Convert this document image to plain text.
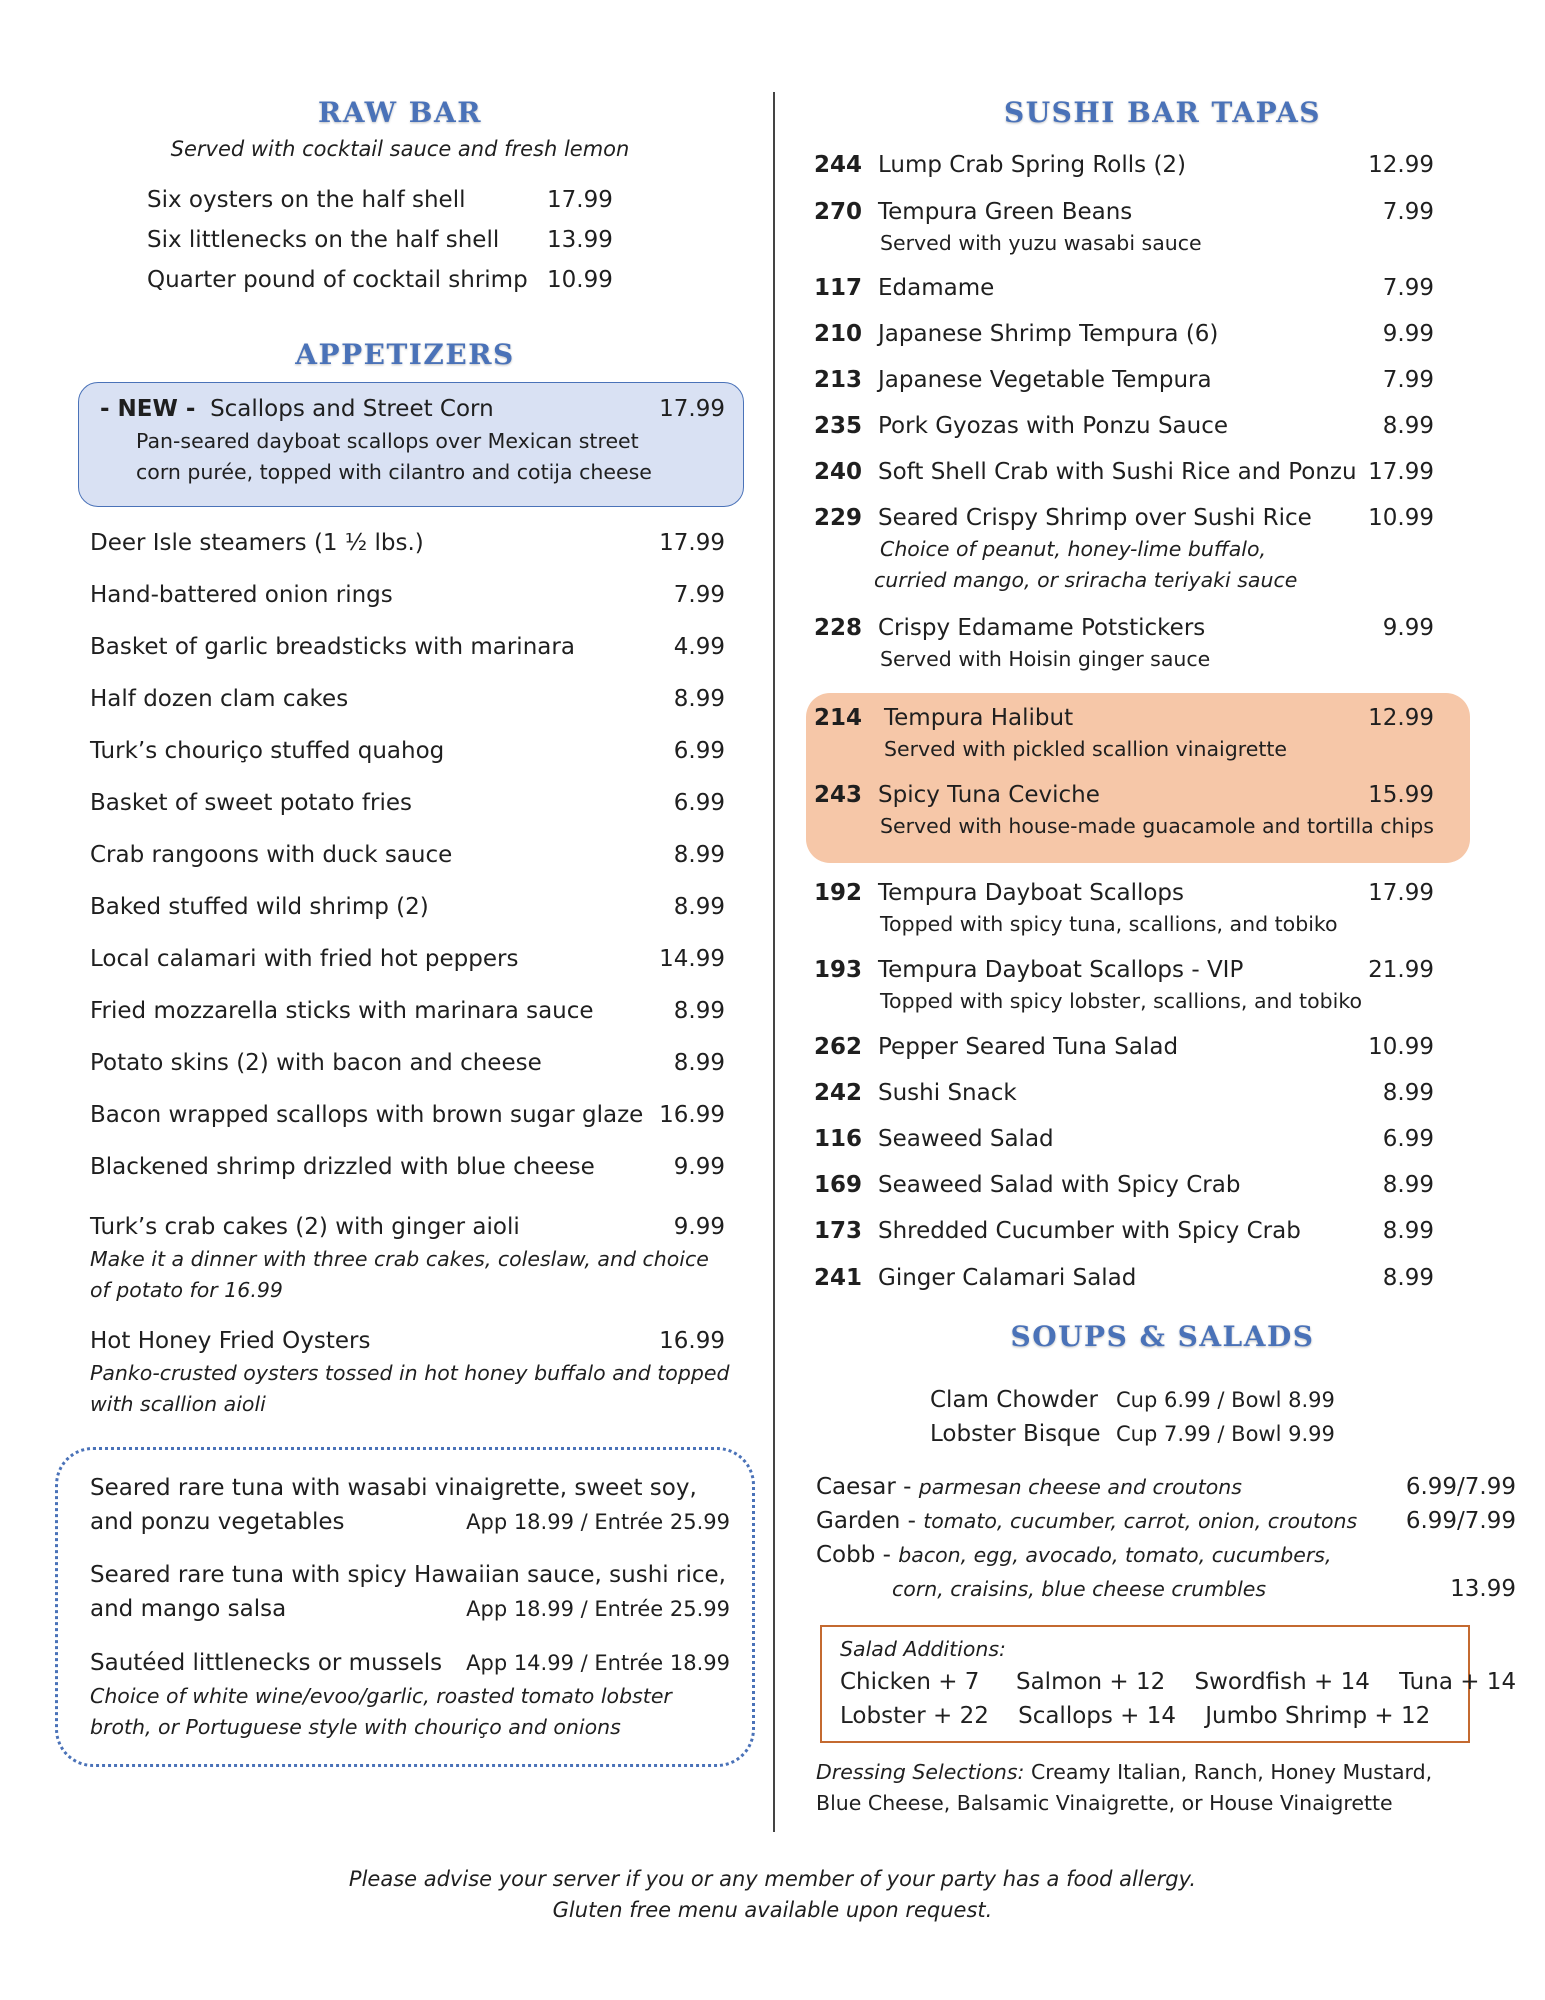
RAW BAR
Served with cocktail sauce and fresh lemon
Six oysters on the half shell	17.99
Six littlenecks on the half shell 13.99
Quarter pound of cocktail shrimp 10.99
APPETIZERS
- NEW - Scallops and Street Corn	17.99
Pan-seared dayboat scallops over Mexican street
corn purée, topped with cilantro and cotija cheese
Deer Isle steamers (1 ½ lbs.)	17.99
Hand-battered onion rings	7.99
Basket of garlic breadsticks with marinara	4.99
Half dozen clam cakes	8.99
Turk’s chouriço stuffed quahog	6.99
Basket of sweet potato fries	6.99
Crab rangoons with duck sauce	8.99
Baked stuffed wild shrimp (2)	8.99
Local calamari with fried hot peppers	14.99
Fried mozzarella sticks with marinara sauce	8.99
Potato skins (2) with bacon and cheese	8.99
Bacon wrapped scallops with brown sugar glaze 16.99
Blackened shrimp drizzled with blue cheese	9.99
Turk’s crab cakes (2) with ginger aioli	9.99
Hot Honey Fried Oysters	16.99
Make it a dinner with three crab cakes, coleslaw, and choice
of potato for 16.99
Panko-crusted oysters tossed in hot honey buffalo and topped
with scallion aioli
Seared rare tuna with wasabi vinaigrette, sweet soy,
and ponzu vegetables	App 18.99 / Entrée 25.99
Seared rare tuna with spicy Hawaiian sauce, sushi rice,
and mango salsa	App 18.99 / Entrée 25.99
Sautéed littlenecks or mussels App 14.99 / Entrée 18.99
Choice of white wine/evoo/garlic, roasted tomato lobster
broth, or Portuguese style with chouriço and onions
SUSHI BAR TAPAS
244 Lump Crab Spring Rolls (2)	12.99
270 Tempura Green Beans	7.99
Served with yuzu wasabi sauce
117 Edamame	7.99
210 Japanese Shrimp Tempura (6)	9.99
213 Japanese Vegetable Tempura	7.99
235 Pork Gyozas with Ponzu Sauce	8.99
240 Soft Shell Crab with Sushi Rice and Ponzu 17.99
229 Seared Crispy Shrimp over Sushi Rice 10.99
Choice of peanut, honey-lime buffalo,
curried mango, or sriracha teriyaki sauce
228 Crispy Edamame Potstickers	9.99
Served with Hoisin ginger sauce
214 Tempura Halibut	12.99
Served with pickled scallion vinaigrette
243 Spicy Tuna Ceviche	15.99
Served with house-made guacamole and tortilla chips
192 Tempura Dayboat Scallops	17.99
Topped with spicy tuna, scallions, and tobiko
193 Tempura Dayboat Scallops - VIP	21.99
Topped with spicy lobster, scallions, and tobiko
262 Pepper Seared Tuna Salad	10.99
242 Sushi Snack	8.99
116 Seaweed Salad	6.99
169 Seaweed Salad with Spicy Crab	8.99
173 Shredded Cucumber with Spicy Crab	8.99
241 Ginger Calamari Salad	8.99
SOUPS & SALADS
Clam Chowder Cup 6.99 / Bowl 8.99
Lobster Bisque Cup 7.99 / Bowl 9.99
Caesar - parmesan cheese and croutons	6.99/7.99
Garden - tomato, cucumber, carrot, onion, croutons 6.99/7.99
Cobb - bacon, egg, avocado, tomato, cucumbers,
corn, craisins, blue cheese crumbles	13.99
Salad Additions:
Chicken + 7     Salmon + 12    Swordfish + 14    Tuna + 14
Lobster + 22    Scallops + 14    Jumbo Shrimp + 12
Dressing Selections: Creamy Italian, Ranch, Honey Mustard,
Blue Cheese, Balsamic Vinaigrette, or House Vinaigrette
Please advise your server if you or any member of your party has a food allergy.
Gluten free menu available upon request.
